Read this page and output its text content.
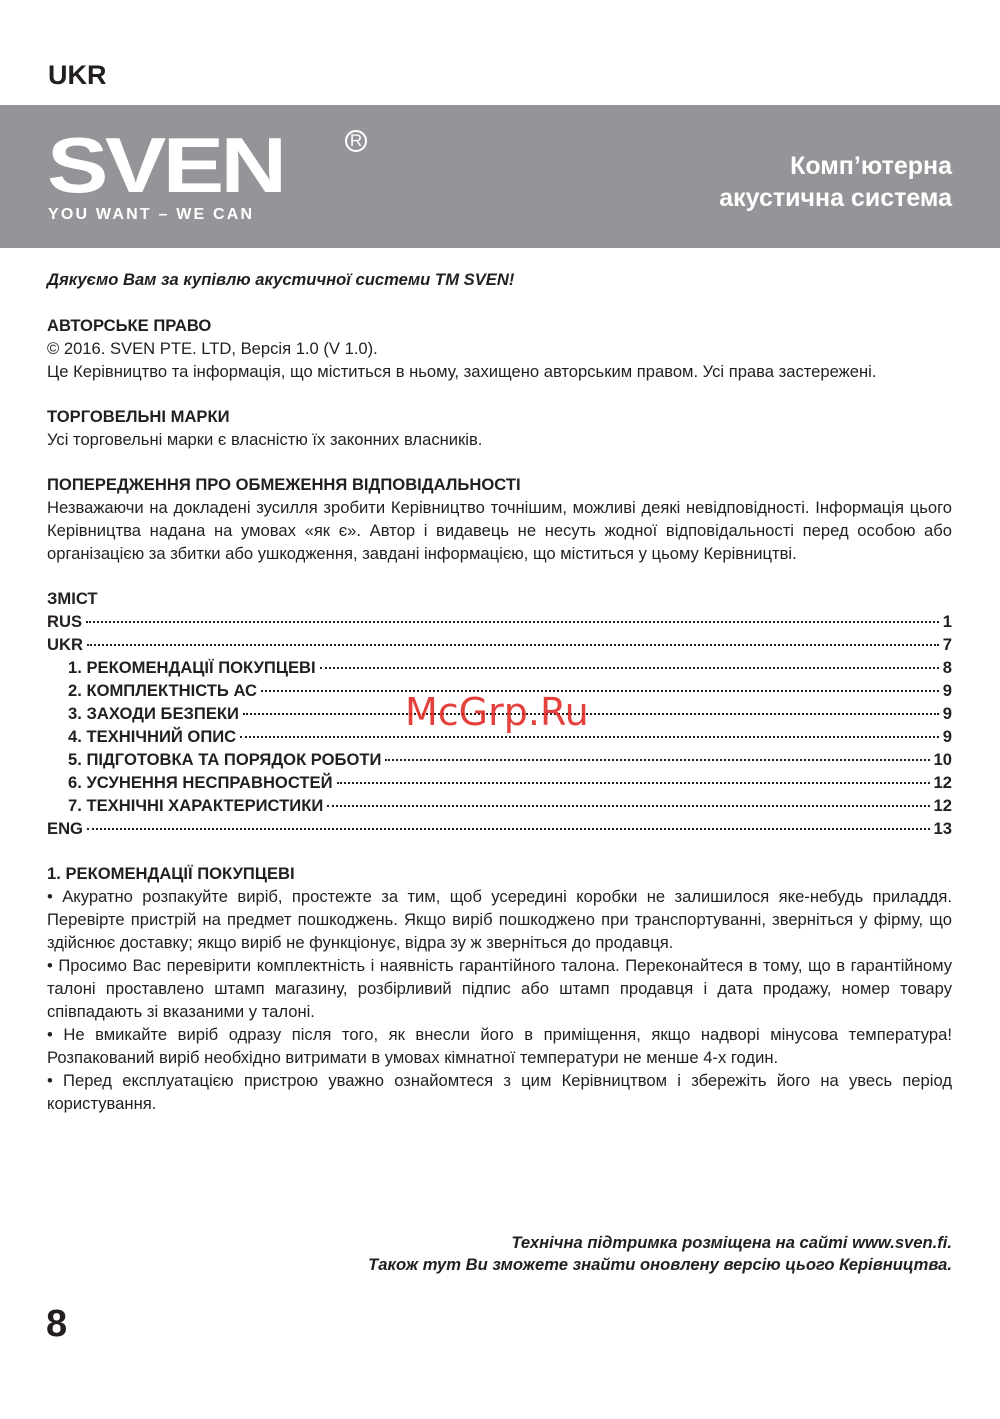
UKR
SVEN	R
YOU WANT – WE CAN
Комп’ютерна
акустична система
Дякуємо Вам за купівлю акустичної системи ТМ SVEN!
АВТОРСЬКЕ ПРАВО

© 2016. SVEN PTE. LTD, Версія 1.0 (V 1.0).

Це Керівництво та інформація, що міститься в ньому, захищено авторським правом. Усі права застережені.

ТОРГОВЕЛЬНІ МАРКИ

Усі торговельні марки є власністю їх законних власників.

ПОПЕРЕДЖЕННЯ ПРО ОБМЕЖЕННЯ ВІДПОВІДАЛЬНОСТІ

Незважаючи на докладені зусилля зробити Керівництво точнішим, можливі деякі невідповідності. Інформація цього Керівництва надана на умовах «як є». Автор і видавець не несуть жодної відповідальності перед особою або організацією за збитки або ушкодження, завдані інформацією, що міститься у цьому Керівництві.

ЗМІСТ
RUS	1
UKR	7
1. РЕКОМЕНДАЦІЇ ПОКУПЦЕВІ	8
2. КОМПЛЕКТНІСТЬ АС	9
3. ЗАХОДИ БЕЗПЕКИ	9
4. ТЕХНІЧНИЙ ОПИС	9
5. ПІДГОТОВКА ТА ПОРЯДОК РОБОТИ	10
6. УСУНЕННЯ НЕСПРАВНОСТЕЙ	12
7. ТЕХНІЧНІ ХАРАКТЕРИСТИКИ	12
ENG	13
1. РЕКОМЕНДАЦІЇ ПОКУПЦЕВІ

• Акуратно розпакуйте виріб, простежте за тим, щоб усередині коробки не залишилося яке-небудь приладдя. Перевірте пристрій на предмет пошкоджень. Якщо виріб пошкоджено при транспортуванні, зверніться у фірму, що здійснює доставку; якщо виріб не функціонує, відра зу ж зверніться до продавця.

• Просимо Вас перевірити комплектність і наявність гарантійного талона. Переконайтеся в тому, що в гарантійному талоні проставлено штамп магазину, розбірливий підпис або штамп продавця і дата продажу, номер товару співпадають зі вказаними у талоні.

• Не вмикайте виріб одразу після того, як внесли його в приміщення, якщо надворі мінусова температура! Розпакований виріб необхідно витримати в умовах кімнатної температури не менше 4-х годин.

• Перед експлуатацією пристрою уважно ознайомтеся з цим Керівництвом і збережіть його на увесь період користування.

Технічна підтримка розміщена на сайті www.sven.fi.
Також тут Ви зможете знайти оновлену версію цього Керівництва.
8
McGrp.Ru
